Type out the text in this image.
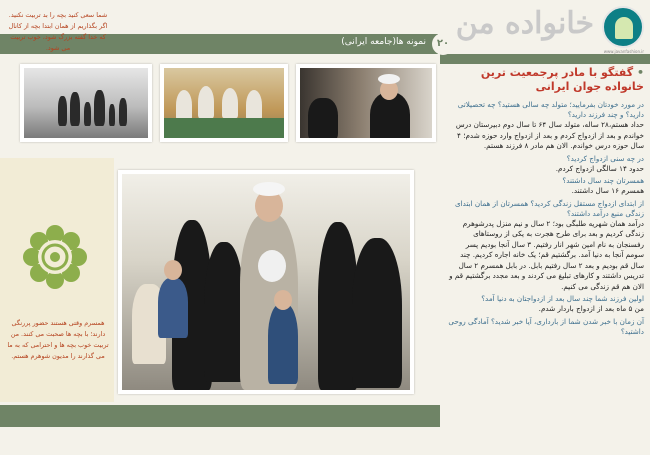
خانواده من
www.javanfashion.ir
۲۰
نمونه ها(جامعه ایرانی)
شما سعی کنید بچه را بد تربیت نکنید. اگر بگذاریم از همان ابتدا بچه از کانال که خدا گفته بزرگ شود، خوب تربیت می شود.
همسرم وقتی هستند حضور پررنگی دارند؛ با بچه ها صحبت می کنند. من تربیت خوب بچه ها و احترامی که به ما می گذارند را مدیون شوهرم هستم.
• گفتگو با مادر پرجمعیت ترین خانواده جوان ایرانی
در مورد خودتان بفرمایید؛ متولد چه سالی هستید؟ چه تحصیلاتی دارید؟ و چند فرزند دارید؟
حداد هستم،۲۸ ساله، متولد سال ۶۴ تا سال دوم دبیرستان درس خواندم و بعد از ازدواج کردم و بعد از ازدواج وارد حوزه شدم؛ ۴ سال حوزه درس خواندم. الان هم مادر ۸ فرزند هستم.
در چه سنی ازدواج کردید؟
حدود ۱۴ سالگی ازدواج کردم.
همسرتان چند سال داشتند؟
همسرم ۱۶ سال داشتند.
از ابتدای ازدواج مستقل زندگی کردید؟ همسرتان از همان ابتدای زندگی منبع درآمد داشتند؟
درآمد همان شهریه طلبگی بود؛ ۲ سال و نیم منزل پدرشوهرم زندگی کردیم و بعد برای طرح هجرت به یکی از روستاهای رفسنجان به نام امین شهر انار رفتیم. ۳ سال آنجا بودیم پسر سومم آنجا به دنیا آمد. برگشتیم قم؛ یک خانه اجاره کردیم. چند سال قم بودیم و بعد ۲ سال رفتیم بابل. در بابل همسرم ۲ سال تدریس داشتند و کارهای تبلیغ می کردند و بعد مجدد برگشتیم قم و الان هم قم زندگی می کنیم.
اولین فرزند شما چند سال بعد از ازدواجتان به دنیا آمد؟
من ۵ ماه بعد از ازدواج باردار شدم.
آن زمان با خبر شدن شما از بارداری، آیا خبر شدید؟ آمادگی روحی داشتید؟
